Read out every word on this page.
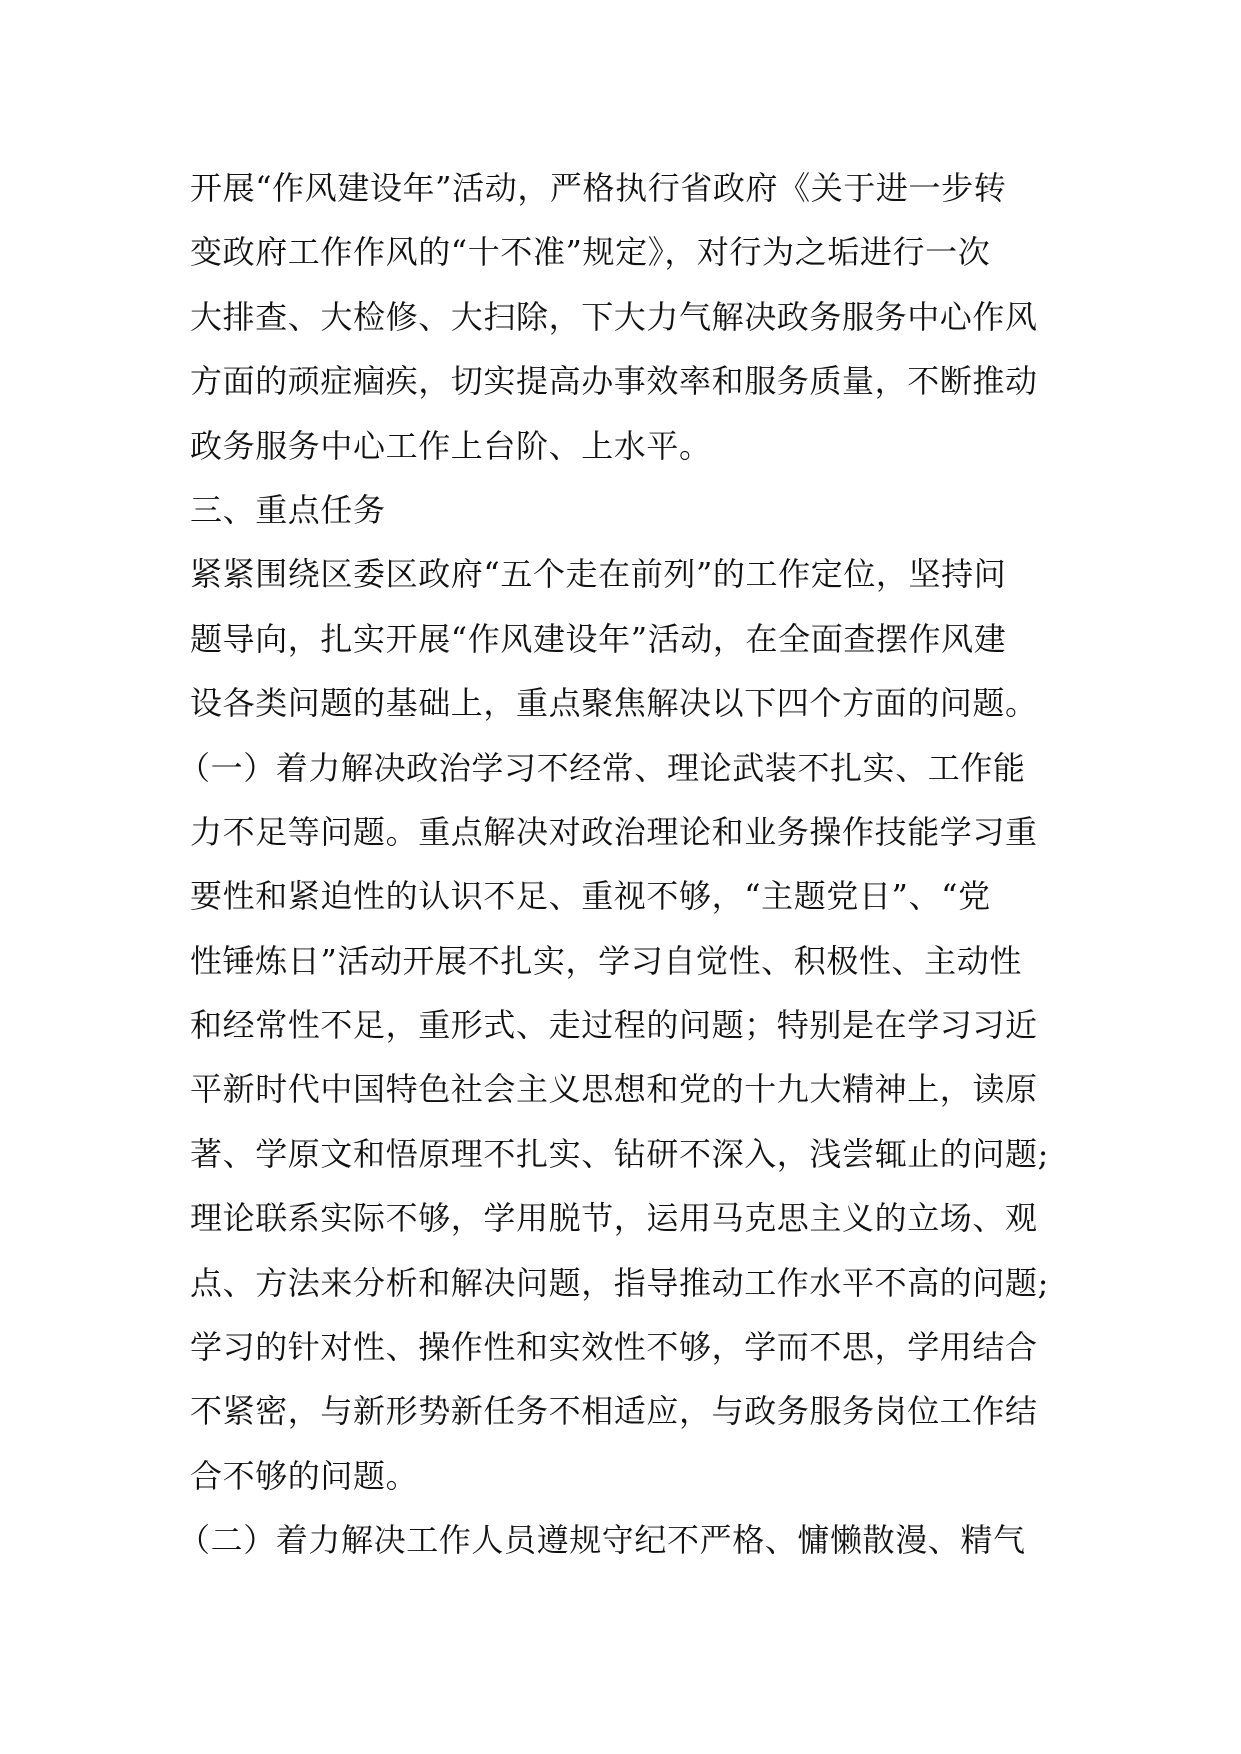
开展“作风建设年”活动，严格执行省政府《关于进一步转
变政府工作作风的“十不准”规定》，对行为之垢进行一次
大排查、大检修、大扫除，下大力气解决政务服务中心作风
方面的顽症痼疾，切实提高办事效率和服务质量，不断推动
政务服务中心工作上台阶、上水平。
三、重点任务
紧紧围绕区委区政府“五个走在前列”的工作定位，坚持问
题导向，扎实开展“作风建设年”活动，在全面查摆作风建
设各类问题的基础上，重点聚焦解决以下四个方面的问题。
（一）着力解决政治学习不经常、理论武装不扎实、工作能
力不足等问题。重点解决对政治理论和业务操作技能学习重
要性和紧迫性的认识不足、重视不够，“主题党日”、“党
性锤炼日”活动开展不扎实，学习自觉性、积极性、主动性
和经常性不足，重形式、走过程的问题；特别是在学习习近
平新时代中国特色社会主义思想和党的十九大精神上，读原
著、学原文和悟原理不扎实、钻研不深入，浅尝辄止的问题;
理论联系实际不够，学用脱节，运用马克思主义的立场、观
点、方法来分析和解决问题，指导推动工作水平不高的问题;
学习的针对性、操作性和实效性不够，学而不思，学用结合
不紧密，与新形势新任务不相适应，与政务服务岗位工作结
合不够的问题。
（二）着力解决工作人员遵规守纪不严格、慵懒散漫、精气
